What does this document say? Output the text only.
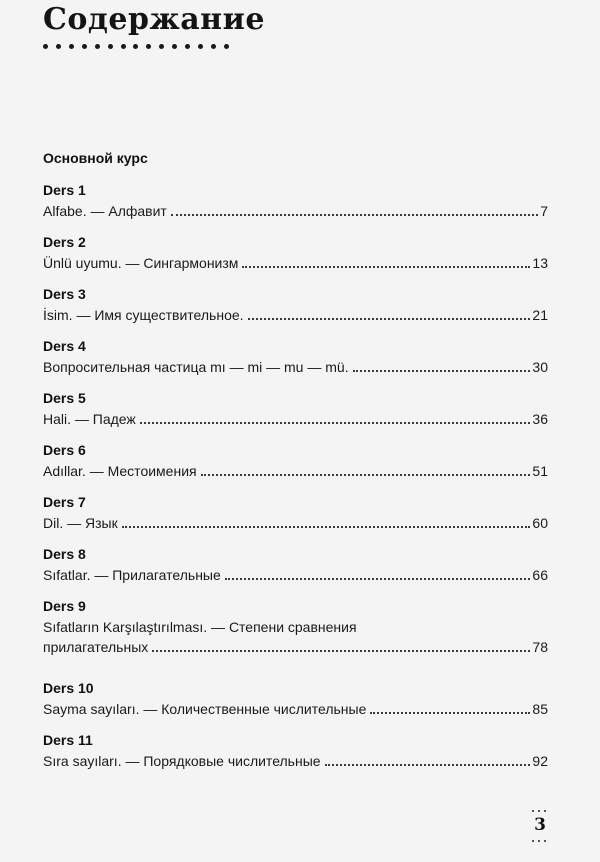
Содержание
Основной курс
Ders 1
Alfabe. — Алфавит	7
Ders 2
Ünlü uyumu. — Сингармонизм	13
Ders 3
İsim. — Имя существительное.	21
Ders 4
Вопросительная частица mı — mi — mu — mü.	30
Ders 5
Hali. — Падеж	36
Ders 6
Adıllar. — Местоимения	51
Ders 7
Dil. — Язык	60
Ders 8
Sıfatlar. — Прилагательные	66
Ders 9
Sıfatların Karşılaştırılması. — Степени сравнения
прилагательных	78
Ders 10
Sayma sayıları. — Количественные числительные	85
Ders 11
Sıra sayıları. — Порядковые числительные	92
3
